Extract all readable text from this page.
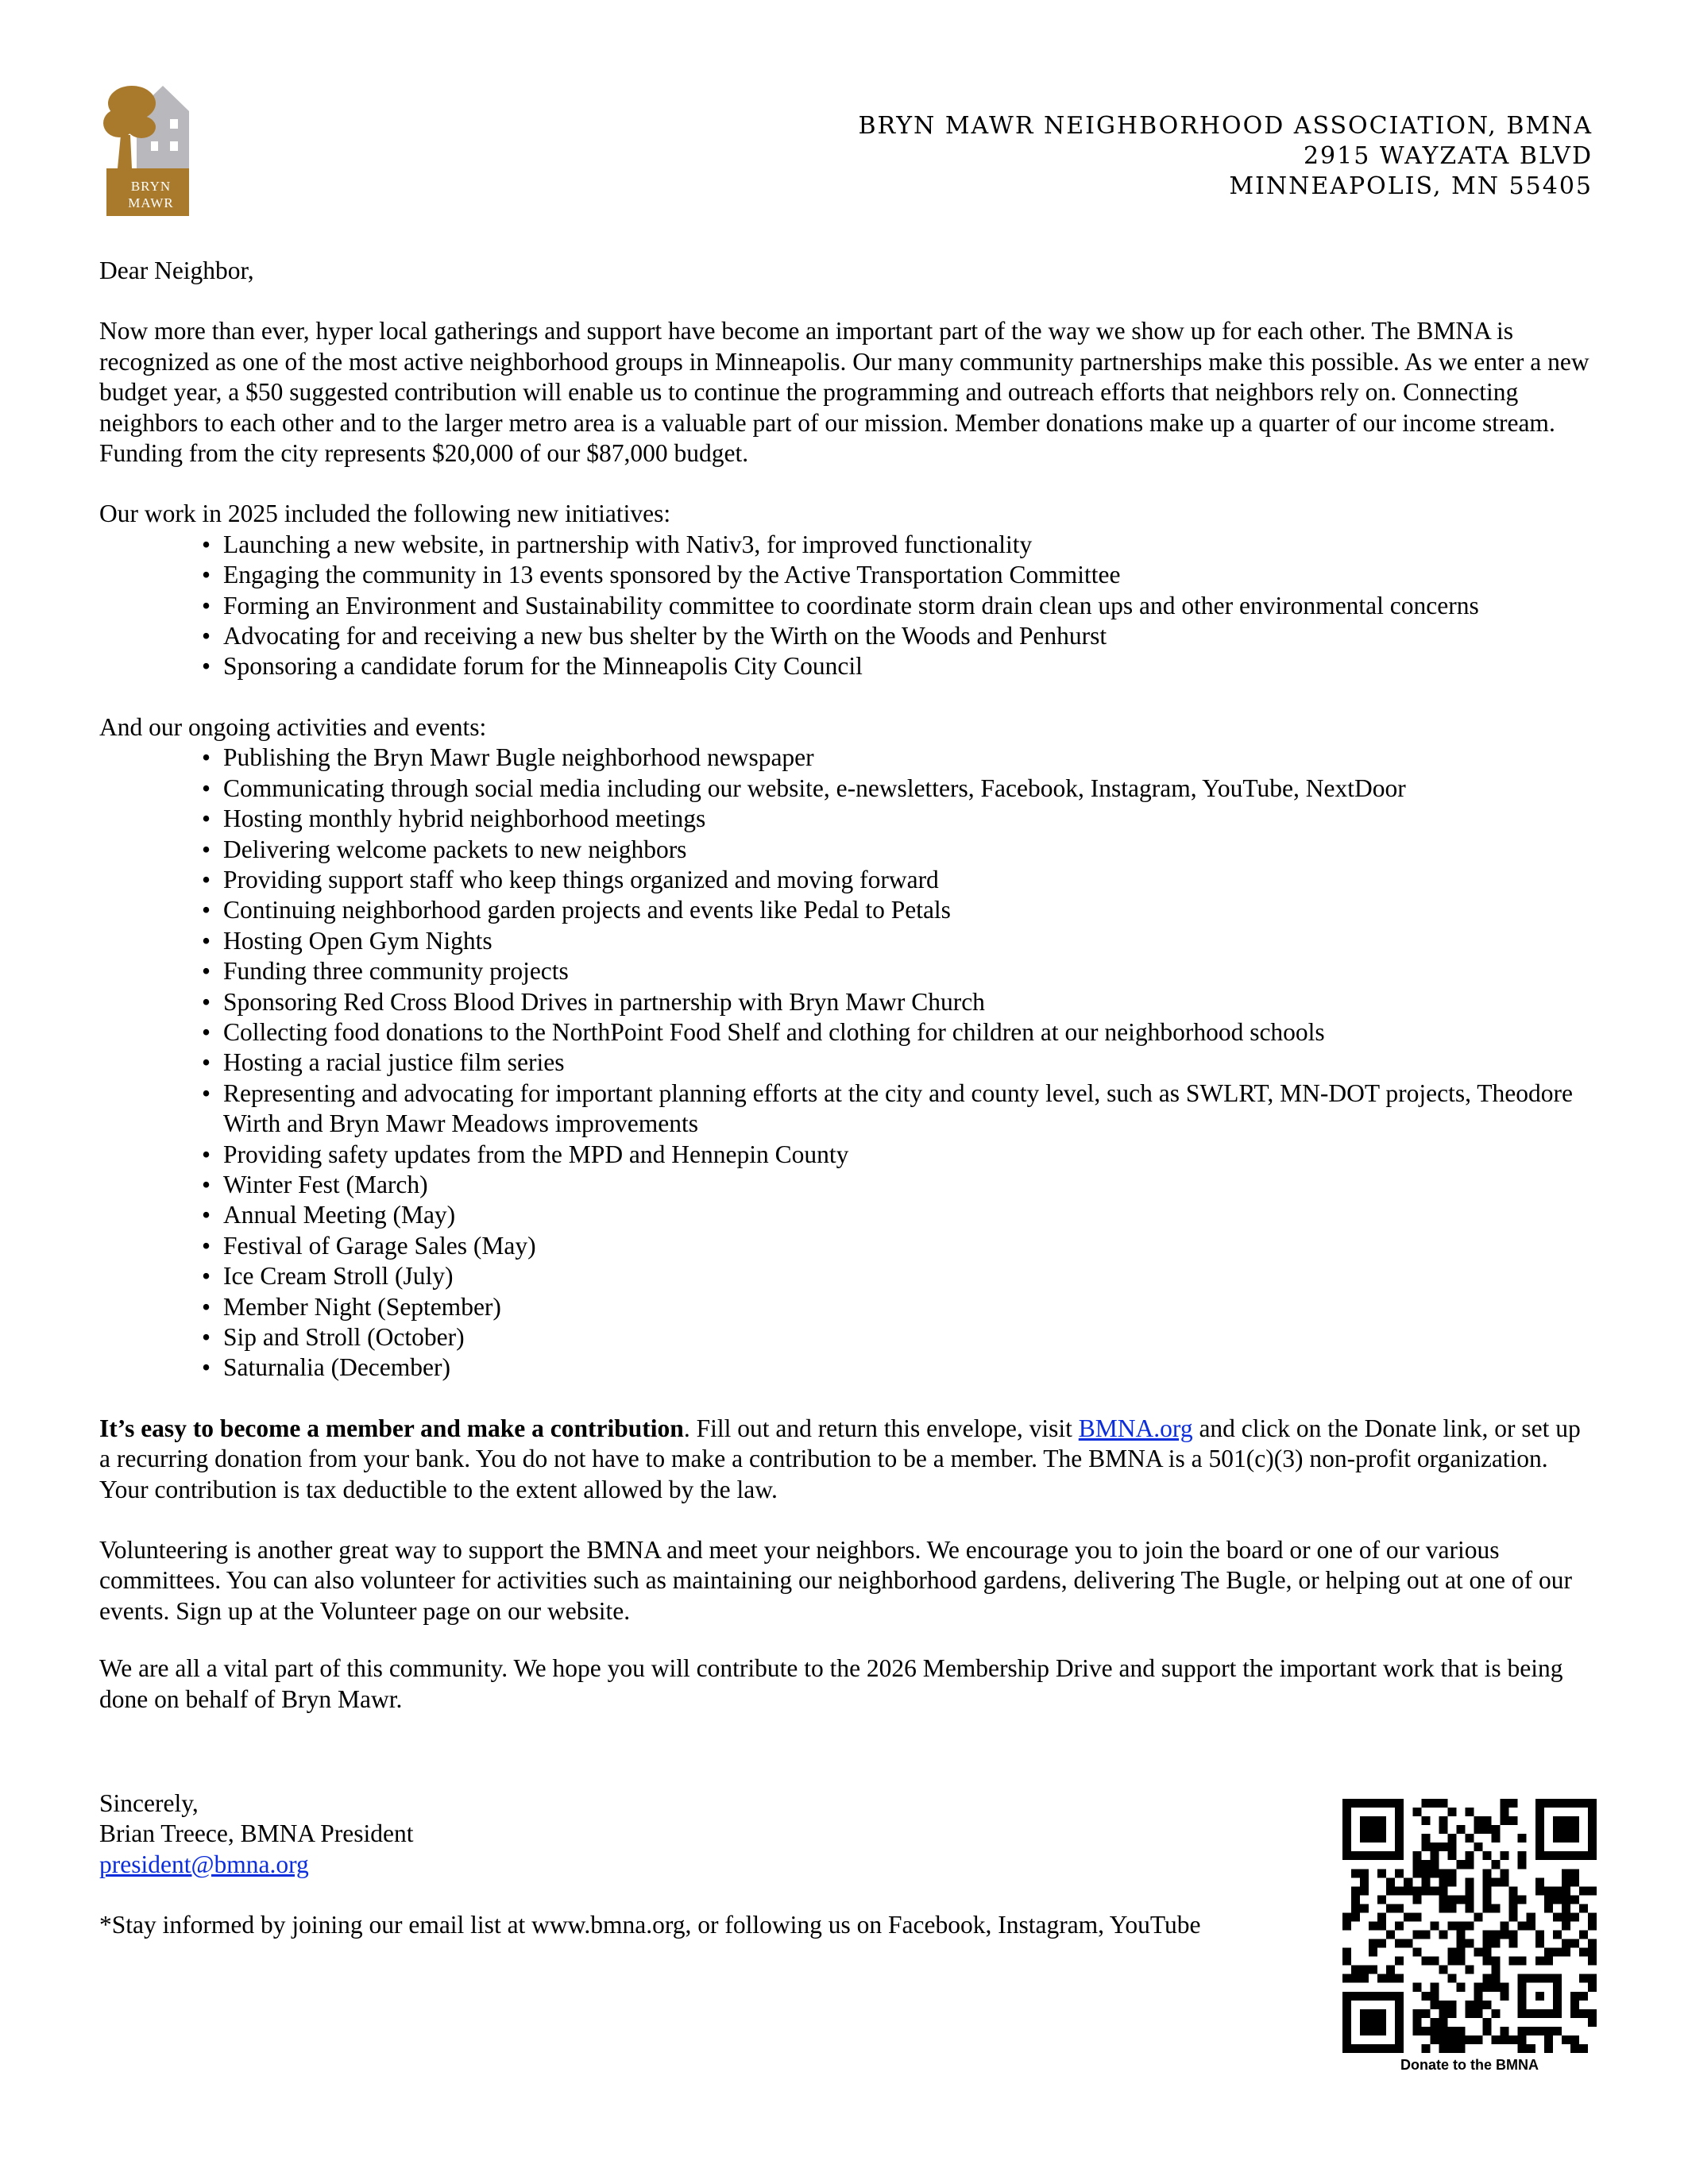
BRYN
MAWR
BRYN MAWR NEIGHBORHOOD ASSOCIATION, BMNA
2915 WAYZATA BLVD
MINNEAPOLIS, MN 55405

Dear Neighbor,

Now more than ever, hyper local gatherings and support have become an important part of the way we show up for each other. The BMNA is recognized as one of the most active neighborhood groups in Minneapolis. Our many community partnerships make this possible. As we enter a new budget year, a $50 suggested contribution will enable us to continue the programming and outreach efforts that neighbors rely on. Connecting neighbors to each other and to the larger metro area is a valuable part of our mission. Member donations make up a quarter of our income stream. Funding from the city represents $20,000 of our $87,000 budget.

Our work in 2025 included the following new initiatives:

• Launching a new website, in partnership with Nativ3, for improved functionality
• Engaging the community in 13 events sponsored by the Active Transportation Committee
• Forming an Environment and Sustainability committee to coordinate storm drain clean ups and other environmental concerns
• Advocating for and receiving a new bus shelter by the Wirth on the Woods and Penhurst
• Sponsoring a candidate forum for the Minneapolis City Council

And our ongoing activities and events:

• Publishing the Bryn Mawr Bugle neighborhood newspaper
• Communicating through social media including our website, e-newsletters, Facebook, Instagram, YouTube, NextDoor
• Hosting monthly hybrid neighborhood meetings
• Delivering welcome packets to new neighbors
• Providing support staff who keep things organized and moving forward
• Continuing neighborhood garden projects and events like Pedal to Petals
• Hosting Open Gym Nights
• Funding three community projects
• Sponsoring Red Cross Blood Drives in partnership with Bryn Mawr Church
• Collecting food donations to the NorthPoint Food Shelf and clothing for children at our neighborhood schools
• Hosting a racial justice film series
• Representing and advocating for important planning efforts at the city and county level, such as SWLRT, MN-DOT projects, Theodore Wirth and Bryn Mawr Meadows improvements
• Providing safety updates from the MPD and Hennepin County
• Winter Fest (March)
• Annual Meeting (May)
• Festival of Garage Sales (May)
• Ice Cream Stroll (July)
• Member Night (September)
• Sip and Stroll (October)
• Saturnalia (December)

It’s easy to become a member and make a contribution. Fill out and return this envelope, visit BMNA.org and click on the Donate link, or set up a recurring donation from your bank. You do not have to make a contribution to be a member. The BMNA is a 501(c)(3) non-profit organization. Your contribution is tax deductible to the extent allowed by the law.

Volunteering is another great way to support the BMNA and meet your neighbors. We encourage you to join the board or one of our various committees. You can also volunteer for activities such as maintaining our neighborhood gardens, delivering The Bugle, or helping out at one of our events. Sign up at the Volunteer page on our website.

We are all a vital part of this community. We hope you will contribute to the 2026 Membership Drive and support the important work that is being done on behalf of Bryn Mawr.

Sincerely,

Brian Treece, BMNA President

president@bmna.org

*Stay informed by joining our email list at www.bmna.org, or following us on Facebook, Instagram, YouTube

Donate to the BMNA
